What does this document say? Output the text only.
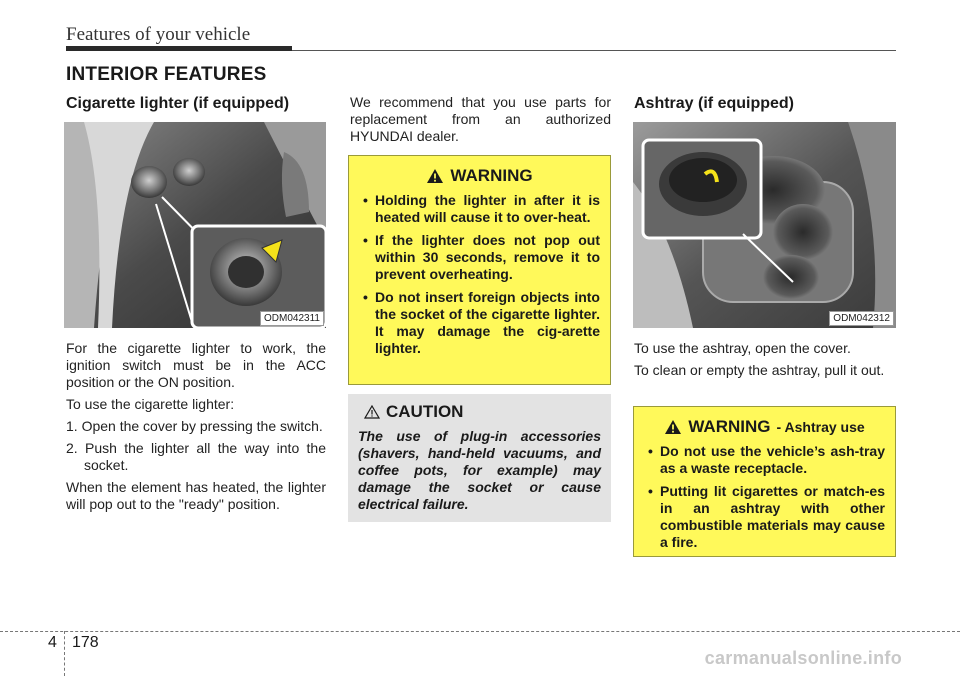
Features of your vehicle
INTERIOR FEATURES
Cigarette lighter (if equipped)
ODM042311

For the cigarette lighter to work, the ignition switch must be in the ACC position or the ON position.

To use the cigarette lighter:

1. Open the cover by pressing the switch.

2. Push the lighter all the way into the socket.

When the element has heated, the lighter will pop out to the "ready" position.

We recommend that you use parts for replacement from an authorized HYUNDAI dealer.
WARNING
• Holding the lighter in after it is heated will cause it to over-heat.
• If the lighter does not pop out within 30 seconds, remove it to prevent overheating.
• Do not insert foreign objects into the socket of the cigarette lighter. It may damage the cig-arette lighter.
CAUTION
The use of plug-in accessories (shavers, hand-held vacuums, and coffee pots, for example) may damage the socket or cause electrical failure.
Ashtray (if equipped)
ODM042312

To use the ashtray, open the cover.

To clean or empty the ashtray, pull it out.

WARNING - Ashtray use
• Do not use the vehicle’s ash-tray as a waste receptacle.
• Putting lit cigarettes or match-es in an ashtray with other combustible materials may cause a fire.
4 178
carmanualsonline.info
